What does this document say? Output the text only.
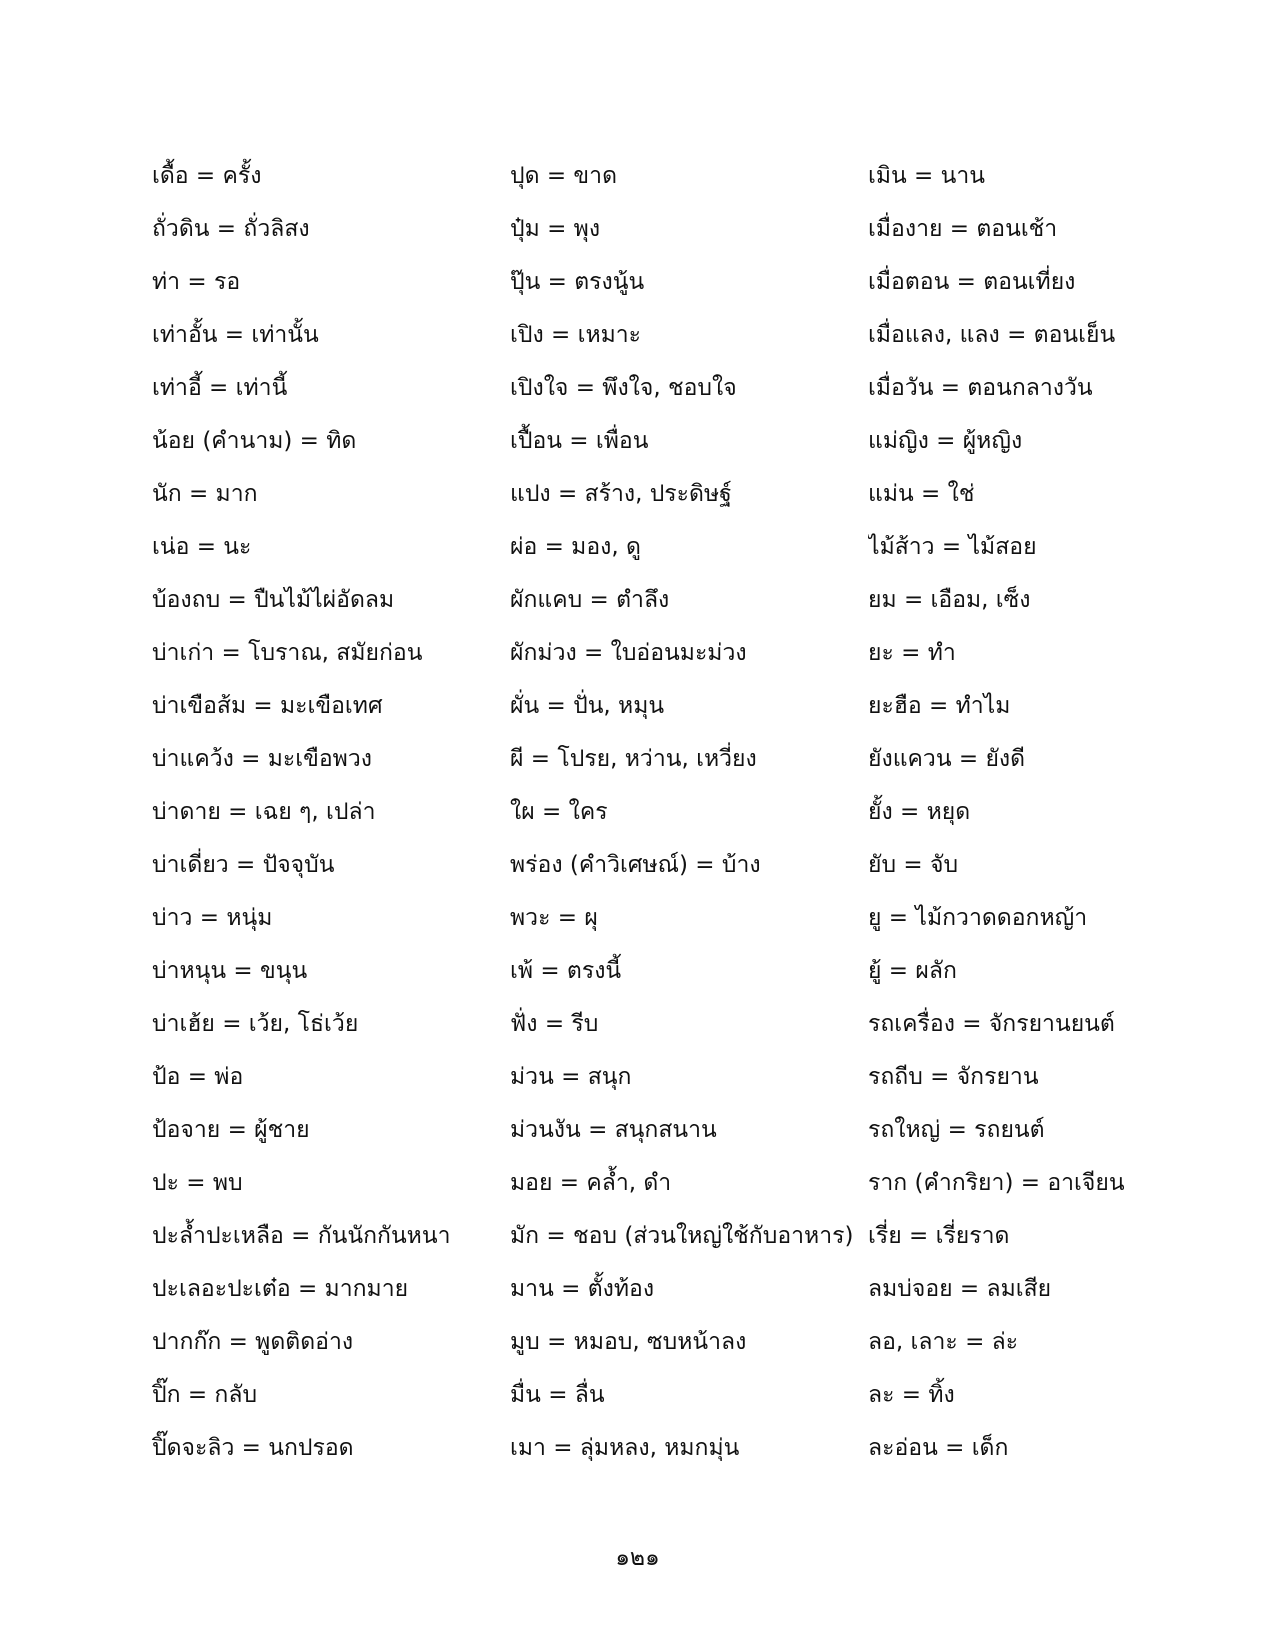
เดื้อ = ครั้ง
ถั่วดิน = ถั่วลิสง
ท่า = รอ
เท่าอั้น = เท่านั้น
เท่าอี้ = เท่านี้
น้อย (คำนาม) = ทิด
นัก = มาก
เน่อ = นะ
บ้องถบ = ปืนไม้ไผ่อัดลม
บ่าเก่า = โบราณ, สมัยก่อน
บ่าเขือส้ม = มะเขือเทศ
บ่าแคว้ง = มะเขือพวง
บ่าดาย = เฉย ๆ, เปล่า
บ่าเดี่ยว = ปัจจุบัน
บ่าว = หนุ่ม
บ่าหนุน = ขนุน
บ่าเฮ้ย = เว้ย, โธ่เว้ย
ป้อ = พ่อ
ป้อจาย = ผู้ชาย
ปะ = พบ
ปะล้ำปะเหลือ = กันนักกันหนา
ปะเลอะปะเต๋อ = มากมาย
ปากก๊ก = พูดติดอ่าง
ปิ๊ก = กลับ
ปิ๊ดจะลิว = นกปรอด
ปุด = ขาด
ปุ๋ม = พุง
ปุ๊น = ตรงนู้น
เปิง = เหมาะ
เปิงใจ = พึงใจ, ชอบใจ
เปื้อน = เพื่อน
แปง = สร้าง, ประดิษฐ์
ผ่อ = มอง, ดู
ผักแคบ = ตำลึง
ผักม่วง = ใบอ่อนมะม่วง
ผั่น = ปั่น, หมุน
ผี = โปรย, หว่าน, เหวี่ยง
ใผ = ใคร
พร่อง (คำวิเศษณ์) = บ้าง
พวะ = ผุ
เพ้ = ตรงนี้
ฟั่ง = รีบ
ม่วน = สนุก
ม่วนงัน = สนุกสนาน
มอย = คล้ำ, ดำ
มัก = ชอบ (ส่วนใหญ่ใช้กับอาหาร)
มาน = ตั้งท้อง
มูบ = หมอบ, ซบหน้าลง
มื่น = ลื่น
เมา = ลุ่มหลง, หมกมุ่น
เมิน = นาน
เมื่องาย = ตอนเช้า
เมื่อตอน = ตอนเที่ยง
เมื่อแลง, แลง = ตอนเย็น
เมื่อวัน = ตอนกลางวัน
แม่ญิง = ผู้หญิง
แม่น = ใช่
ไม้ส้าว = ไม้สอย
ยม = เอือม, เซ็ง
ยะ = ทำ
ยะฮือ = ทำไม
ยังแควน = ยังดี
ยั้ง = หยุด
ยับ = จับ
ยู = ไม้กวาดดอกหญ้า
ยู้ = ผลัก
รถเครื่อง = จักรยานยนต์
รถถีบ = จักรยาน
รถใหญ่ = รถยนต์
ราก (คำกริยา) = อาเจียน
เรี่ย = เรี่ยราด
ลมบ่จอย = ลมเสีย
ลอ, เลาะ = ล่ะ
ละ = ทิ้ง
ละอ่อน = เด็ก
๑๒๑
